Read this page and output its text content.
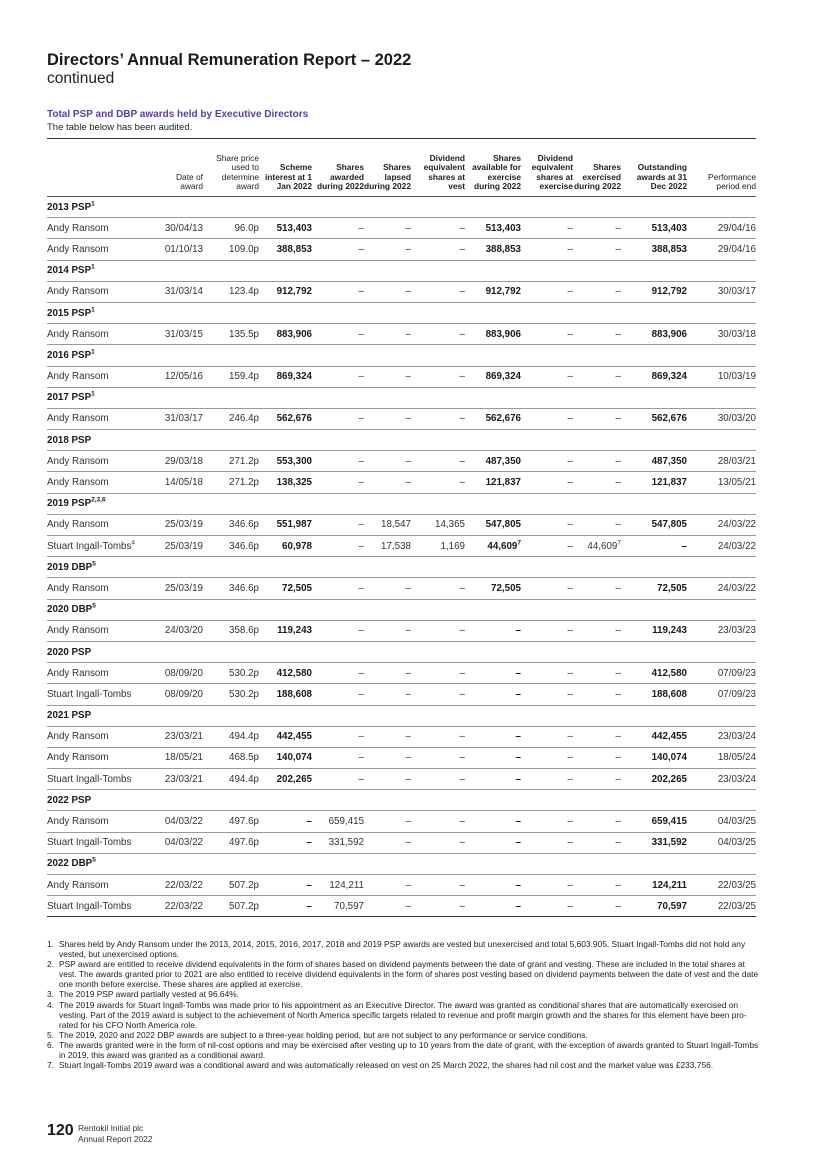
Directors’ Annual Remuneration Report – 2022
continued
Total PSP and DBP awards held by Executive Directors
The table below has been audited.
	Date of award	Share price used to determine award	Scheme interest at 1 Jan 2022	Shares awarded during 2022	Shares lapsed during 2022	Dividend equivalent shares at vest	Shares available for exercise during 2022	Dividend equivalent shares at exercise	Shares exercised during 2022	Outstanding awards at 31 Dec 2022	Performance period end
2013 PSP$^1$
Andy Ransom	30/04/13	96.0p	513,403	–	–	–	513,403	–	–	513,403	29/04/16
Andy Ransom	01/10/13	109.0p	388,853	–	–	–	388,853	–	–	388,853	29/04/16
2014 PSP$^1$
Andy Ransom	31/03/14	123.4p	912,792	–	–	–	912,792	–	–	912,792	30/03/17
2015 PSP$^1$
Andy Ransom	31/03/15	135.5p	883,906	–	–	–	883,906	–	–	883,906	30/03/18
2016 PSP$^1$
Andy Ransom	12/05/16	159.4p	869,324	–	–	–	869,324	–	–	869,324	10/03/19
2017 PSP$^1$
Andy Ransom	31/03/17	246.4p	562,676	–	–	–	562,676	–	–	562,676	30/03/20
2018 PSP											
Andy Ransom	29/03/18	271.2p	553,300	–	–	–	487,350	–	–	487,350	28/03/21
Andy Ransom	14/05/18	271.2p	138,325	–	–	–	121,837	–	–	121,837	13/05/21
2019 PSP$^{2,3,6}$
Andy Ransom	25/03/19	346.6p	551,987	–	18,547	14,365	547,805	–	–	547,805	24/03/22
Stuart Ingall-Tombs$^4$	25/03/19	346.6p	60,978	–	17,538	1,169	44,609$^7$	–	44,609$^7$	–	24/03/22
2019 DBP$^5$
Andy Ransom	25/03/19	346.6p	72,505	–	–	–	72,505	–	–	72,505	24/03/22
2020 DBP$^5$
Andy Ransom	24/03/20	358.6p	119,243	–	–	–	–	–	–	119,243	23/03/23
2020 PSP											
Andy Ransom	08/09/20	530.2p	412,580	–	–	–	–	–	–	412,580	07/09/23
Stuart Ingall-Tombs	08/09/20	530.2p	188,608	–	–	–	–	–	–	188,608	07/09/23
2021 PSP											
Andy Ransom	23/03/21	494.4p	442,455	–	–	–	–	–	–	442,455	23/03/24
Andy Ransom	18/05/21	468.5p	140,074	–	–	–	–	–	–	140,074	18/05/24
Stuart Ingall-Tombs	23/03/21	494.4p	202,265	–	–	–	–	–	–	202,265	23/03/24
2022 PSP											
Andy Ransom	04/03/22	497.6p	–	659,415	–	–	–	–	–	659,415	04/03/25
Stuart Ingall-Tombs	04/03/22	497.6p	–	331,592	–	–	–	–	–	331,592	04/03/25
2022 DBP$^5$
Andy Ransom	22/03/22	507.2p	–	124,211	–	–	–	–	–	124,211	22/03/25
Stuart Ingall-Tombs	22/03/22	507.2p	–	70,597	–	–	–	–	–	70,597	22/03/25
1. Shares held by Andy Ransom under the 2013, 2014, 2015, 2016, 2017, 2018 and 2019 PSP awards are vested but unexercised and total 5,603.905. Stuart Ingall-Tombs did not hold any vested, but unexercised options.
2. PSP award are entitled to receive dividend equivalents in the form of shares based on dividend payments between the date of grant and vesting. These are included in the total shares at vest. The awards granted prior to 2021 are also entitled to receive dividend equivalents in the form of shares post vesting based on dividend payments between the date of vest and the date one month before exercise. These shares are applied at exercise.
3. The 2019 PSP award partially vested at 96.64%.
4. The 2019 awards for Stuart Ingall-Tombs was made prior to his appointment as an Executive Director. The award was granted as conditional shares that are automatically exercised on vesting. Part of the 2019 award is subject to the achievement of North America specific targets related to revenue and profit margin growth and the shares for this element have been pro-rated for his CFO North America role.
5. The 2019, 2020 and 2022 DBP awards are subject to a three-year holding period, but are not subject to any performance or service conditions.
6. The awards granted were in the form of nil-cost options and may be exercised after vesting up to 10 years from the date of grant, with the exception of awards granted to Stuart Ingall-Tombs in 2019, this award was granted as a conditional award.
7. Stuart Ingall-Tombs 2019 award was a conditional award and was automatically released on vest on 25 March 2022, the shares had nil cost and the market value was £233,756.
120 Rentokil Initial plc
Annual Report 2022
